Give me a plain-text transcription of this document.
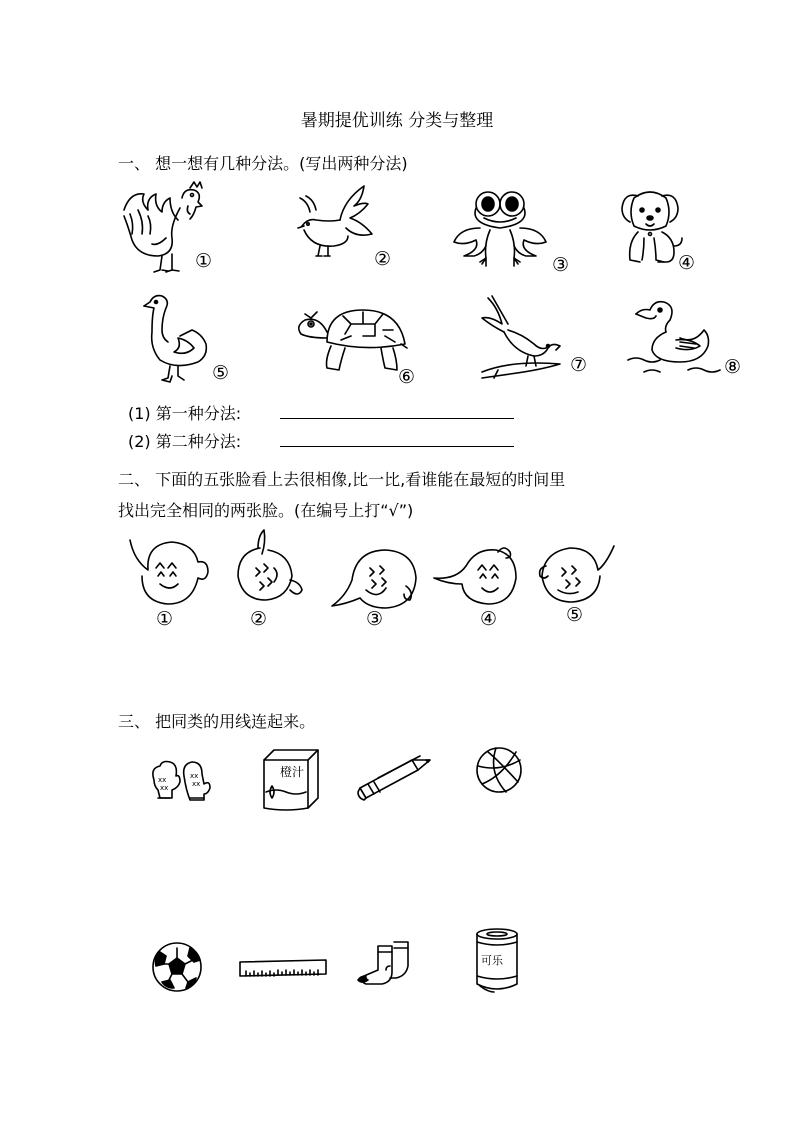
暑期提优训练 分类与整理
一、 想一想有几种分法。(写出两种分法)
①	②	③	④
⑤	⑥
⑦	⑧
(1) 第一种分法:
(2) 第二种分法:
二、 下面的五张脸看上去很相像,比一比,看谁能在最短的时间里
找出完全相同的两张脸。(在编号上打“√”)
①	②	③	④	⑤
三、 把同类的用线连起来。
xx
xx
xx
xx
橙汁
可乐
